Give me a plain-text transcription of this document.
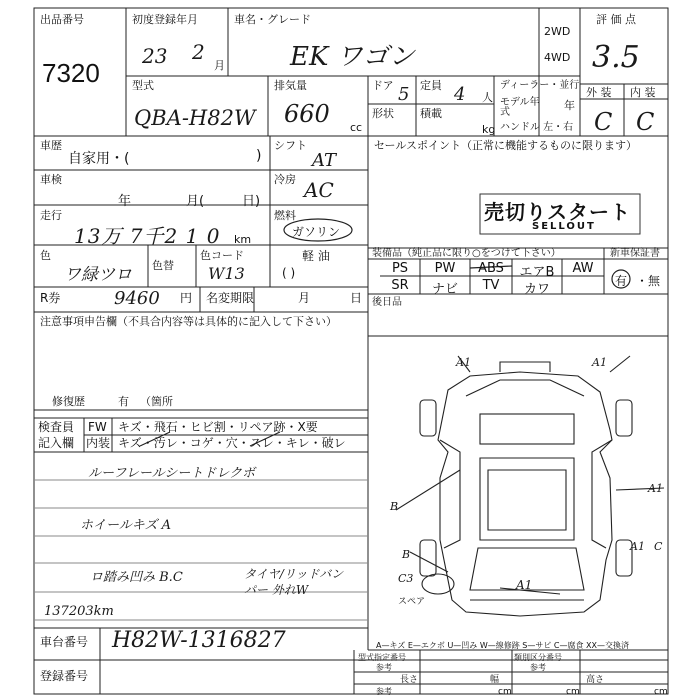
出品番号
7320
初度登録年月
23 2
月
車名・グレード
EK ワゴン
2WD
4WD
評 価 点
3.5
外 装 内 装
C C
型式
QBA-H82W
排気量
660 cc
ドア 5 定員 4 人
ディーラー・並行
モデル年式
年
ハンドル 左・右
形状 積載
kg
車歴
自家用・(	)
シフト
AT
車検
年	月(	日)
冷房 AC
走行
13万 7千2 1 0 km
燃料
ガソリン
軽 油
( )
色
ワ緑ツロ 色替
色コード
W13
R券	9460 円 名変期限	月	日
セールスポイント（正常に機能するものに限ります）
売切りスタート
SELLOUT
装備品（純正品に限り○をつけて下さい）	新車保証書
有 ・無
PS	PW	ABS	エアB	AW
SR	ナビ	TV	カワ
後日品
注意事項申告欄（不具合内容等は具体的に記入して下さい）
修復歴	有 （箇所
検査員
記入欄
FW キズ・飛石・ヒビ割・リペア跡・X要
内装 キズ・汚レ・コゲ・穴・スレ・キレ・破レ
ルーフレールシートドレクボ
ホイールキズ A
ロ踏み凹み B.C	タイヤ/リッドバンパー 外れW
137203km
A1	A1
A1
B
B
C3	A1
A1 C
スペア
A—キズ E—エクボ U—凹み W—線修跡 S—サビ C—腐食 XX—交換済
車台番号 H82W-1316827
登録番号
型式指定番号
参考
類別区分番号
参考
参考
長さ	幅	高さ
cm	cm	cm
